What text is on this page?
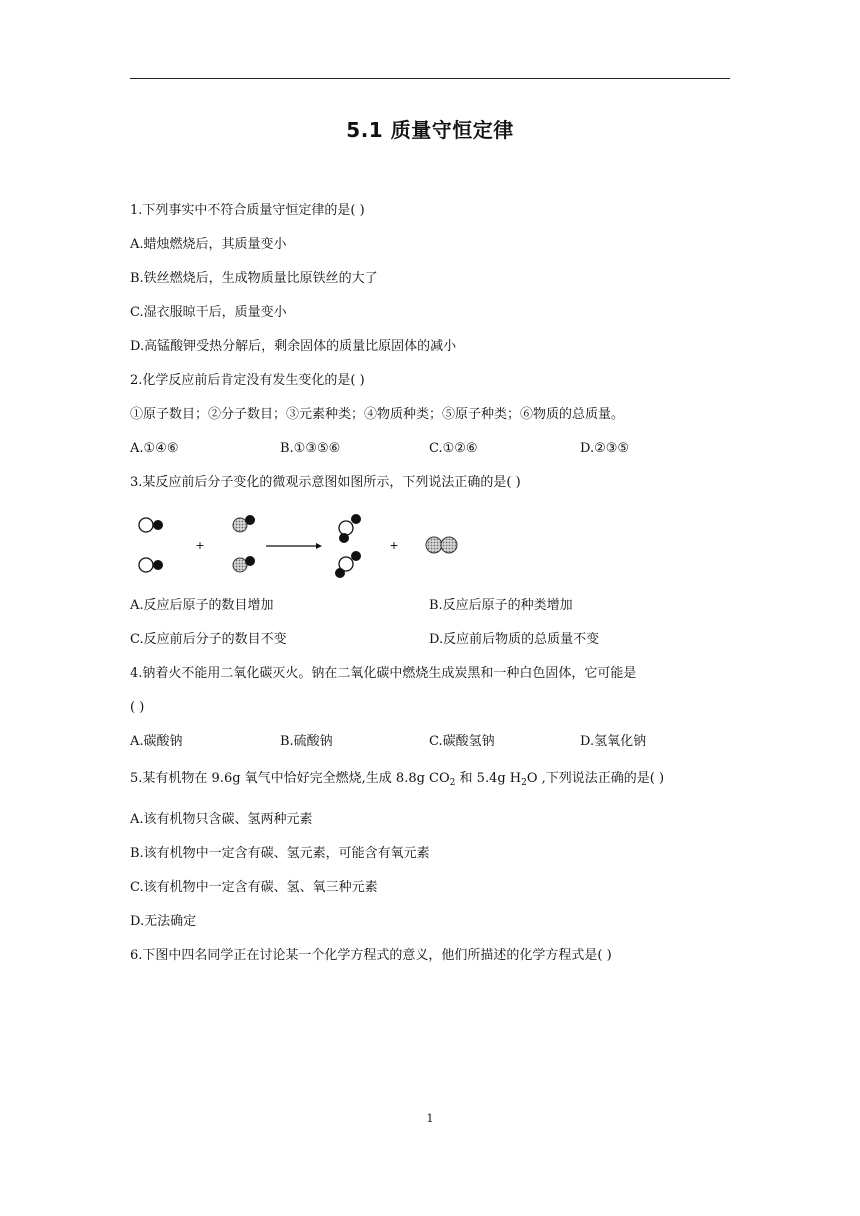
5.1 质量守恒定律
1.下列事实中不符合质量守恒定律的是( )
A.蜡烛燃烧后，其质量变小
B.铁丝燃烧后，生成物质量比原铁丝的大了
C.湿衣服晾干后，质量变小
D.高锰酸钾受热分解后，剩余固体的质量比原固体的减小
2.化学反应前后肯定没有发生变化的是( )
①原子数目；②分子数目；③元素种类；④物质种类；⑤原子种类；⑥物质的总质量。
A.①④⑥	B.①③⑤⑥	C.①②⑥	D.②③⑤
3.某反应前后分子变化的微观示意图如图所示，下列说法正确的是( )
A.反应后原子的数目增加	B.反应后原子的种类增加
C.反应前后分子的数目不变	D.反应前后物质的总质量不变
4.钠着火不能用二氧化碳灭火。钠在二氧化碳中燃烧生成炭黑和一种白色固体，它可能是
( )
A.碳酸钠	B.硫酸钠	C.碳酸氢钠	D.氢氧化钠
5.某有机物在 9.6g 氧气中恰好完全燃烧,生成 8.8g $CO_2$ 和 5.4g $H_2O$ ,下列说法正确的是( )
A.该有机物只含碳、氢两种元素
B.该有机物中一定含有碳、氢元素，可能含有氧元素
C.该有机物中一定含有碳、氢、氧三种元素
D.无法确定
6.下图中四名同学正在讨论某一个化学方程式的意义，他们所描述的化学方程式是( )
+	+
1
